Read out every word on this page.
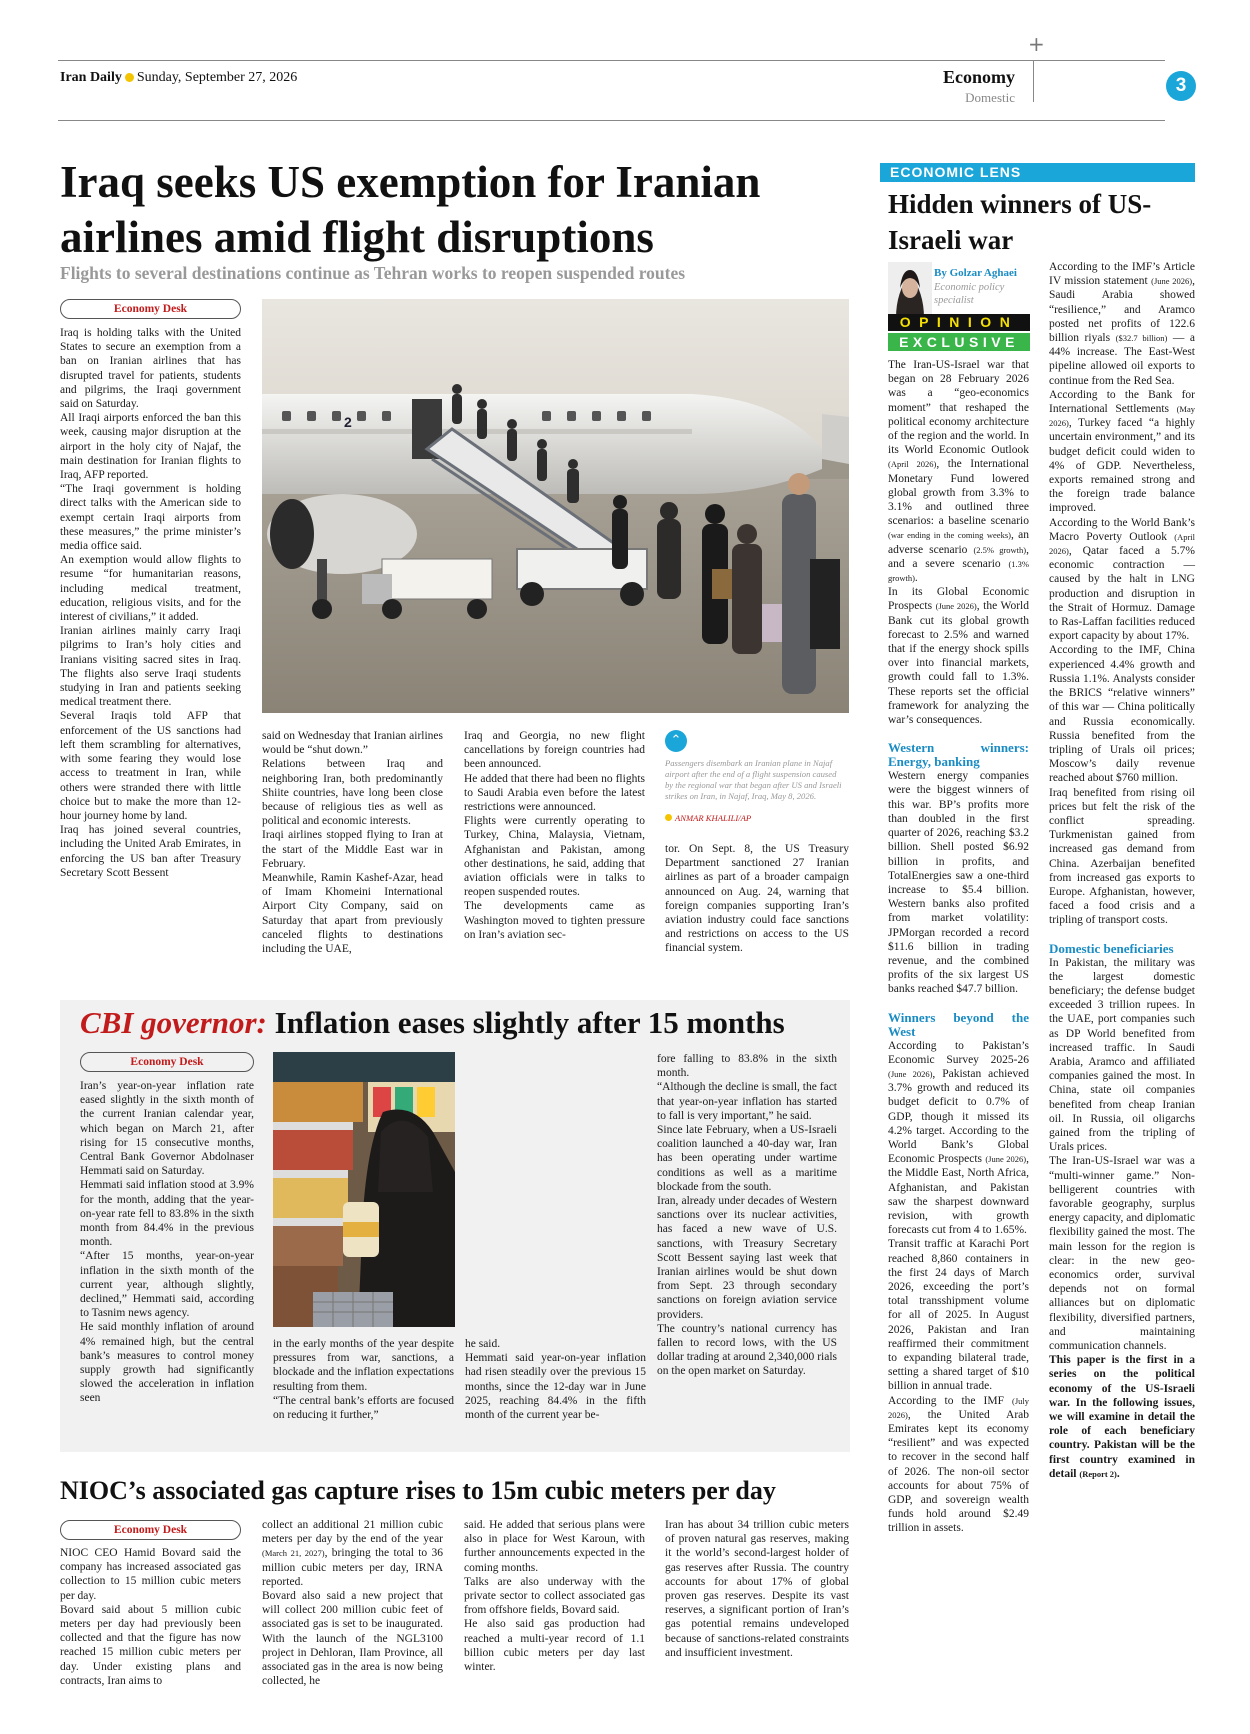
+
Iran Daily Sunday, September 27, 2026	Economy
Domestic
3
Iraq seeks US exemption for Iranian airlines amid flight disruptions
Flights to several destinations continue as Tehran works to reopen suspended routes
Economy Desk

Iraq is holding talks with the United States to secure an exemption from a ban on Iranian airlines that has disrupted travel for patients, students and pilgrims, the Iraqi government said on Saturday.

All Iraqi airports enforced the ban this week, causing major disruption at the airport in the holy city of Najaf, the main destination for Iranian flights to Iraq, AFP reported.

“The Iraqi government is holding direct talks with the American side to exempt certain Iraqi airports from these measures,” the prime minister’s media office said.

An exemption would allow flights to resume “for humanitarian reasons, including medical treatment, education, religious visits, and for the interest of civilians,” it added.

Iranian airlines mainly carry Iraqi pilgrims to Iran’s holy cities and Iranians visiting sacred sites in Iraq. The flights also serve Iraqi students studying in Iran and patients seeking medical treatment there.

Several Iraqis told AFP that enforcement of the US sanctions had left them scrambling for alternatives, with some fearing they would lose access to treatment in Iran, while others were stranded there with little choice but to make the more than 12-hour journey home by land.

Iraq has joined several countries, including the United Arab Emirates, in enforcing the US ban after Treasury Secretary Scott Bessent

2

said on Wednesday that Iranian airlines would be “shut down.”

Relations between Iraq and neighboring Iran, both predominantly Shiite countries, have long been close because of religious ties as well as political and economic interests.

Iraqi airlines stopped flying to Iran at the start of the Middle East war in February.

Meanwhile, Ramin Kashef-Azar, head of Imam Khomeini International Airport City Company, said on Saturday that apart from previously canceled flights to destinations including the UAE,

Iraq and Georgia, no new flight cancellations by foreign countries had been announced.

He added that there had been no flights to Saudi Arabia even before the latest restrictions were announced.

Flights were currently operating to Turkey, China, Malaysia, Vietnam, Afghanistan and Pakistan, among other destinations, he said, adding that aviation officials were in talks to reopen suspended routes.

The developments came as Washington moved to tighten pressure on Iran’s aviation sec-

⌃
Passengers disembark an Iranian plane in Najaf airport after the end of a flight suspension caused by the regional war that began after US and Israeli strikes on Iran, in Najaf, Iraq, May 8, 2026.
ANMAR KHALILI/AP

tor. On Sept. 8, the US Treasury Department sanctioned 27 Iranian airlines as part of a broader campaign announced on Aug. 24, warning that foreign companies supporting Iran’s aviation industry could face sanctions and restrictions on access to the US financial system.

CBI governor: Inflation eases slightly after 15 months
Economy Desk

Iran’s year-on-year inflation rate eased slightly in the sixth month of the current Iranian calendar year, which began on March 21, after rising for 15 consecutive months, Central Bank Governor Abdolnaser Hemmati said on Saturday.

Hemmati said inflation stood at 3.9% for the month, adding that the year-on-year rate fell to 83.8% in the sixth month from 84.4% in the previous month.

“After 15 months, year-on-year inflation in the sixth month of the current year, although slightly, declined,” Hemmati said, according to Tasnim news agency.

He said monthly inflation of around 4% remained high, but the central bank’s measures to control money supply growth had significantly slowed the acceleration in inflation seen

in the early months of the year despite pressures from war, sanctions, a blockade and the inflation expectations resulting from them.

“The central bank’s efforts are focused on reducing it further,”

he said.

Hemmati said year-on-year inflation had risen steadily over the previous 15 months, since the 12-day war in June 2025, reaching 84.4% in the fifth month of the current year be-

fore falling to 83.8% in the sixth month.

“Although the decline is small, the fact that year-on-year inflation has started to fall is very important,” he said.

Since late February, when a US-Israeli coalition launched a 40-day war, Iran has been operating under wartime conditions as well as a maritime blockade from the south.

Iran, already under decades of Western sanctions over its nuclear activities, has faced a new wave of U.S. sanctions, with Treasury Secretary Scott Bessent saying last week that Iranian airlines would be shut down from Sept. 23 through secondary sanctions on foreign aviation service providers.

The country’s national currency has fallen to record lows, with the US dollar trading at around 2,340,000 rials on the open market on Saturday.

NIOC’s associated gas capture rises to 15m cubic meters per day
Economy Desk

NIOC CEO Hamid Bovard said the company has increased associated gas collection to 15 million cubic meters per day.

Bovard said about 5 million cubic meters per day had previously been collected and that the figure has now reached 15 million cubic meters per day. Under existing plans and contracts, Iran aims to

collect an additional 21 million cubic meters per day by the end of the year (March 21, 2027), bringing the total to 36 million cubic meters per day, IRNA reported.

Bovard also said a new project that will collect 200 million cubic feet of associated gas is set to be inaugurated. With the launch of the NGL3100 project in Dehloran, Ilam Province, all associated gas in the area is now being collected, he

said. He added that serious plans were also in place for West Karoun, with further announcements expected in the coming months.

Talks are also underway with the private sector to collect associated gas from offshore fields, Bovard said.

He also said gas production had reached a multi-year record of 1.1 billion cubic meters per day last winter.

Iran has about 34 trillion cubic meters of proven natural gas reserves, making it the world’s second-largest holder of gas reserves after Russia. The country accounts for about 17% of global proven gas reserves. Despite its vast reserves, a significant portion of Iran’s gas potential remains undeveloped because of sanctions-related constraints and insufficient investment.

ECONOMIC LENS
Hidden winners of US-Israeli war
By Golzar Aghaei
Economic policy specialist
OPINION
EXCLUSIVE

The Iran-US-Israel war that began on 28 February 2026 was a “geo-economics moment” that reshaped the political economy architecture of the region and the world. In its World Economic Outlook (April 2026), the International Monetary Fund lowered global growth from 3.3% to 3.1% and outlined three scenarios: a baseline scenario (war ending in the coming weeks), an adverse scenario (2.5% growth), and a severe scenario (1.3% growth).

In its Global Economic Prospects (June 2026), the World Bank cut its global growth forecast to 2.5% and warned that if the energy shock spills over into financial markets, growth could fall to 1.3%. These reports set the official framework for analyzing the war’s consequences.

Western winners: Energy, banking

Western energy companies were the biggest winners of this war. BP’s profits more than doubled in the first quarter of 2026, reaching $3.2 billion. Shell posted $6.92 billion in profits, and TotalEnergies saw a one-third increase to $5.4 billion. Western banks also profited from market volatility: JPMorgan recorded a record $11.6 billion in trading revenue, and the combined profits of the six largest US banks reached $47.7 billion.

Winners beyond the West

According to Pakistan’s Economic Survey 2025-26 (June 2026), Pakistan achieved 3.7% growth and reduced its budget deficit to 0.7% of GDP, though it missed its 4.2% target. According to the World Bank’s Global Economic Prospects (June 2026), the Middle East, North Africa, Afghanistan, and Pakistan saw the sharpest downward revision, with growth forecasts cut from 4 to 1.65%.

Transit traffic at Karachi Port reached 8,860 containers in the first 24 days of March 2026, exceeding the port’s total transshipment volume for all of 2025. In August 2026, Pakistan and Iran reaffirmed their commitment to expanding bilateral trade, setting a shared target of $10 billion in annual trade.

According to the IMF (July 2026), the United Arab Emirates kept its economy “resilient” and was expected to recover in the second half of 2026. The non-oil sector accounts for about 75% of GDP, and sovereign wealth funds hold around $2.49 trillion in assets.

According to the IMF’s Article IV mission statement (June 2026), Saudi Arabia showed “resilience,” and Aramco posted net profits of 122.6 billion riyals ($32.7 billion) — a 44% increase. The East-West pipeline allowed oil exports to continue from the Red Sea.

According to the Bank for International Settlements (May 2026), Turkey faced “a highly uncertain environment,” and its budget deficit could widen to 4% of GDP. Nevertheless, exports remained strong and the foreign trade balance improved.

According to the World Bank’s Macro Poverty Outlook (April 2026), Qatar faced a 5.7% economic contraction — caused by the halt in LNG production and disruption in the Strait of Hormuz. Damage to Ras-Laffan facilities reduced export capacity by about 17%.

According to the IMF, China experienced 4.4% growth and Russia 1.1%. Analysts consider the BRICS “relative winners” of this war — China politically and Russia economically. Russia benefited from the tripling of Urals oil prices; Moscow’s daily revenue reached about $760 million.

Iraq benefited from rising oil prices but felt the risk of the conflict spreading. Turkmenistan gained from increased gas demand from China. Azerbaijan benefited from increased gas exports to Europe. Afghanistan, however, faced a food crisis and a tripling of transport costs.

Domestic beneficiaries

In Pakistan, the military was the largest domestic beneficiary; the defense budget exceeded 3 trillion rupees. In the UAE, port companies such as DP World benefited from increased traffic. In Saudi Arabia, Aramco and affiliated companies gained the most. In China, state oil companies benefited from cheap Iranian oil. In Russia, oil oligarchs gained from the tripling of Urals prices.

The Iran-US-Israel war was a “multi-winner game.” Non-belligerent countries with favorable geography, surplus energy capacity, and diplomatic flexibility gained the most. The main lesson for the region is clear: in the new geo-economics order, survival depends not on formal alliances but on diplomatic flexibility, diversified partners, and maintaining communication channels.

This paper is the first in a series on the political economy of the US-Israeli war. In the following issues, we will examine in detail the role of each beneficiary country. Pakistan will be the first country examined in detail (Report 2).
